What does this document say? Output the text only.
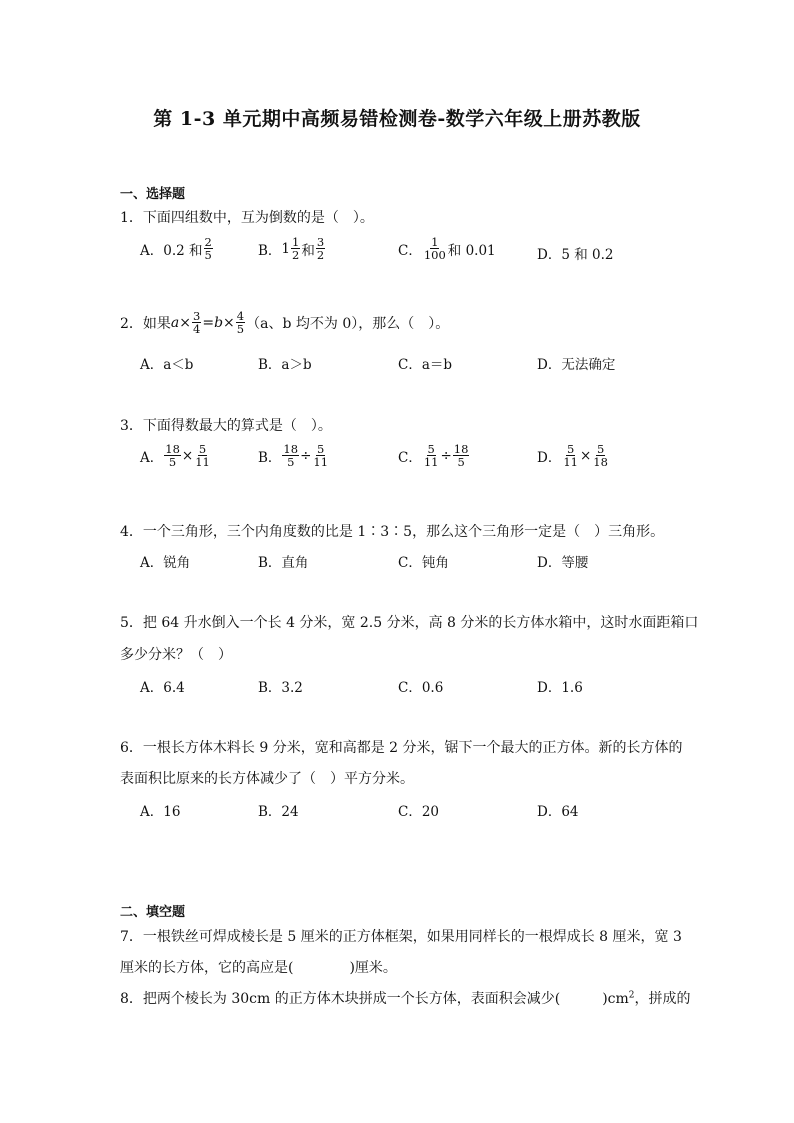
第 1-3 单元期中高频易错检测卷-数学六年级上册苏教版
一、选择题
1．下面四组数中，互为倒数的是（　）。
A． 0.2 和 $\frac{2}{5}$	B． $1 \frac{1}{2}$ 和 $\frac{3}{2}$	C． $\frac{1}{100}$ 和 0.01	D．5 和 0.2
2．如果 $a \times \frac{3}{4} = b \times \frac{4}{5} (a$、b 均不为 0），那么（　）。
A．a＜b	B．a＞b	C．a＝b	D．无法确定
3．下面得数最大的算式是（　）。
A． $\frac{18}{5} \times \frac{5}{11}$	B． $\frac{18}{5} \div \frac{5}{11}$	C． $\frac{5}{11} \div \frac{18}{5}$	D． $\frac{5}{11} \times \frac{5}{18}$
4．一个三角形，三个内角度数的比是 1∶3∶5，那么这个三角形一定是（　）三角形。
A．锐角	B．直角	C．钝角	D．等腰
5．把 64 升水倒入一个长 4 分米，宽 2.5 分米，高 8 分米的长方体水箱中，这时水面距箱口
多少分米？（　）
A．6.4	B．3.2	C．0.6	D．1.6
6．一根长方体木料长 9 分米，宽和高都是 2 分米，锯下一个最大的正方体。新的长方体的
表面积比原来的长方体减少了（　）平方分米。
A．16	B．24	C．20	D．64
二、填空题
7．一根铁丝可焊成棱长是 5 厘米的正方体框架，如果用同样长的一根焊成长 8 厘米，宽 3
厘米的长方体，它的高应是(	)厘米。
8．把两个棱长为 30cm 的正方体木块拼成一个长方体，表面积会减少(	)$cm^2$，拼成的
